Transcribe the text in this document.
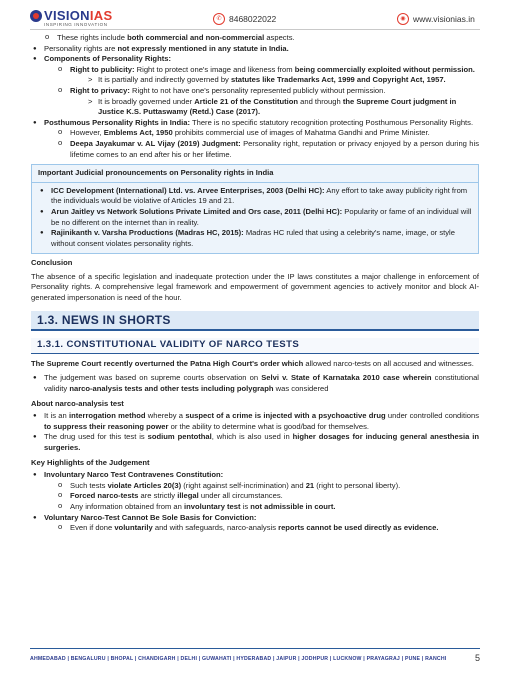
VISIONIAS
INSPIRING INNOVATION
✆ 8468022022	◉ www.visionias.in
o These rights include both commercial and non-commercial aspects.
● Personality rights are not expressly mentioned in any statute in India.
● Components of Personality Rights:
o Right to publicity: Right to protect one's image and likeness from being commercially exploited without permission.
> It is partially and indirectly governed by statutes like Trademarks Act, 1999 and Copyright Act, 1957.
o Right to privacy: Right to not have one's personality represented publicly without permission.
> It is broadly governed under Article 21 of the Constitution and through the Supreme Court judgment in Justice K.S. Puttaswamy (Retd.) Case (2017).
● Posthumous Personality Rights in India: There is no specific statutory recognition protecting Posthumous Personality Rights.
o However, Emblems Act, 1950 prohibits commercial use of images of Mahatma Gandhi and Prime Minister.
o Deepa Jayakumar v. AL Vijay (2019) Judgment: Personality right, reputation or privacy enjoyed by a person during his lifetime comes to an end after his or her lifetime.
Important Judicial pronouncements on Personality rights in India
● ICC Development (International) Ltd. vs. Arvee Enterprises, 2003 (Delhi HC): Any effort to take away publicity right from the individuals would be violative of Articles 19 and 21.
● Arun Jaitley vs Network Solutions Private Limited and Ors case, 2011 (Delhi HC): Popularity or fame of an individual will be no different on the internet than in reality.
● Rajinikanth v. Varsha Productions (Madras HC, 2015): Madras HC ruled that using a celebrity's name, image, or style without consent violates personality rights.
Conclusion
The absence of a specific legislation and inadequate protection under the IP laws constitutes a major challenge in enforcement of Personality rights. A comprehensive legal framework and empowerment of government agencies to actively monitor and block AI-generated impersonation is need of the hour.
1.3. NEWS IN SHORTS
1.3.1. CONSTITUTIONAL VALIDITY OF NARCO TESTS
The Supreme Court recently overturned the Patna High Court's order which allowed narco-tests on all accused and witnesses.
● The judgement was based on supreme courts observation on Selvi v. State of Karnataka 2010 case wherein constitutional validity narco-analysis tests and other tests including polygraph was considered
About narco-analysis test
● It is an interrogation method whereby a suspect of a crime is injected with a psychoactive drug under controlled conditions to suppress their reasoning power or the ability to determine what is good/bad for themselves.
● The drug used for this test is sodium pentothal, which is also used in higher dosages for inducing general anesthesia in surgeries.
Key Highlights of the Judgement
● Involuntary Narco Test Contravenes Constitution:
o Such tests violate Articles 20(3) (right against self-incrimination) and 21 (right to personal liberty).
o Forced narco-tests are strictly illegal under all circumstances.
o Any information obtained from an involuntary test is not admissible in court.
● Voluntary Narco-Test Cannot Be Sole Basis for Conviction:
o Even if done voluntarily and with safeguards, narco-analysis reports cannot be used directly as evidence.
AHMEDABAD | BENGALURU | BHOPAL | CHANDIGARH | DELHI | GUWAHATI | HYDERABAD | JAIPUR | JODHPUR | LUCKNOW | PRAYAGRAJ | PUNE | RANCHI	5
